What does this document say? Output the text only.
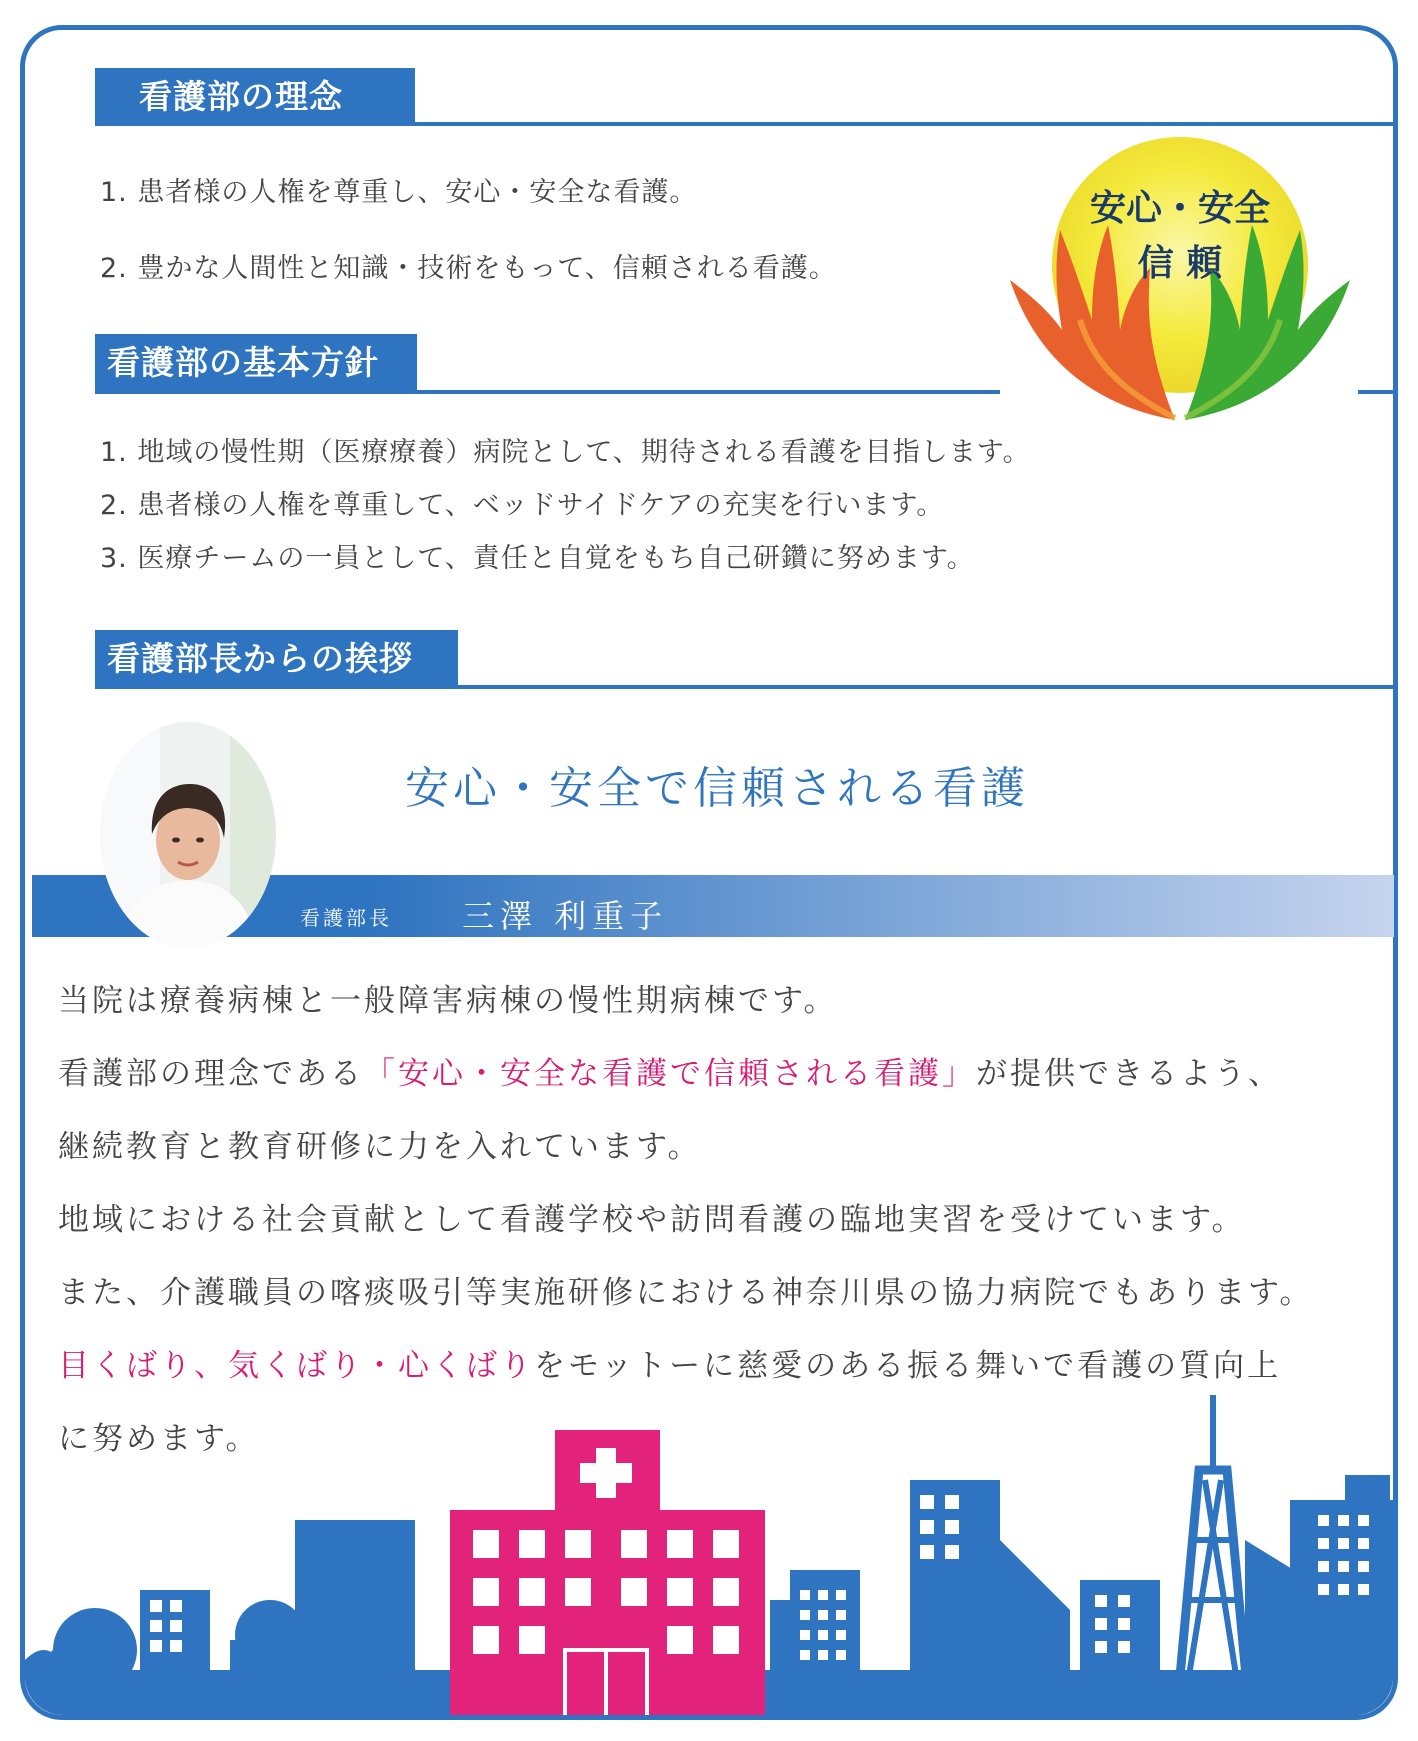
看護部の理念
1. 患者様の人権を尊重し、安心・安全な看護。
2. 豊かな人間性と知識・技術をもって、信頼される看護。
安心・安全
信 頼
看護部の基本方針
1. 地域の慢性期（医療療養）病院として、期待される看護を目指します。
2. 患者様の人権を尊重して、ベッドサイドケアの充実を行います。
3. 医療チームの一員として、責任と自覚をもち自己研鑽に努めます。
看護部長からの挨拶
安心・安全で信頼される看護
看護部長 三澤 利重子
当院は療養病棟と一般障害病棟の慢性期病棟です。
看護部の理念である「安心・安全な看護で信頼される看護」が提供できるよう、
継続教育と教育研修に力を入れています。
地域における社会貢献として看護学校や訪問看護の臨地実習を受けています。
また、介護職員の喀痰吸引等実施研修における神奈川県の協力病院でもあります。
目くばり、気くばり・心くばりをモットーに慈愛のある振る舞いで看護の質向上
に努めます。
